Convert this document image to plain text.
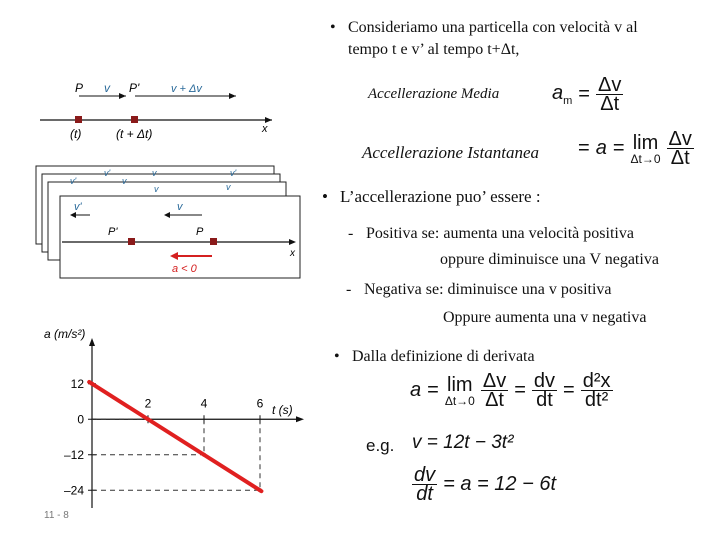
• Consideriamo una particella con velocità v al
tempo t e v’ al tempo t+Δt,
P	P'
v	v + Δv
(t)	(t + Δt)	x
Accellerazione Media	$a_m = \frac{\Delta v}{\Delta t}$
Accellerazione Istantanea = a = lim
$\Delta t\to 0 \frac{\Delta v}{\Delta t}$
v'	v	v'
v'	v
v
v
v'	v
P'	P
x
a < 0
• L’accellerazione puo’ essere :
- Positiva se: aumenta una velocità positiva
oppure diminuisce una V negativa
- Negativa se: diminuisce una v positiva
Oppure aumenta una v negativa
• Dalla definizione di derivata
a = lim
$\Delta t\to 0 \frac{\Delta v}{\Delta t} = \frac{dv}{dt} = \frac{\text{d²x}}{\text{dt²}}$
e.g. v = 12t − 3t²
$\frac{dv}{dt} = a = 12 - 6t$
a (m/s²)
t (s)
12
0
–12
–24
2	4	6
11 - 8
